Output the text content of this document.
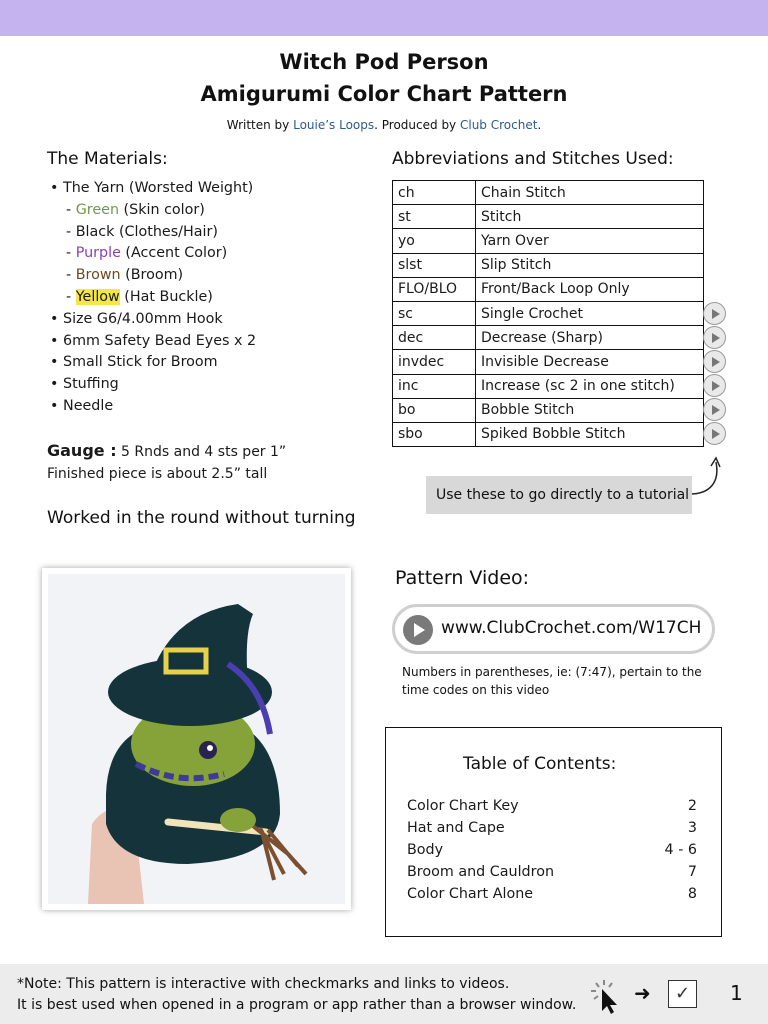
Witch Pod Person
Amigurumi Color Chart Pattern
Written by Louie’s Loops. Produced by Club Crochet.
The Materials:
• The Yarn (Worsted Weight)
- Green (Skin color)
- Black (Clothes/Hair)
- Purple (Accent Color)
- Brown (Broom)
- Yellow (Hat Buckle)
• Size G6/4.00mm Hook
• 6mm Safety Bead Eyes x 2
• Small Stick for Broom
• Stuffing
• Needle
Gauge : 5 Rnds and 4 sts per 1”
Finished piece is about 2.5” tall
Worked in the round without turning
Abbreviations and Stitches Used:
ch	Chain Stitch
st	Stitch
yo	Yarn Over
slst	Slip Stitch
FLO/BLO	Front/Back Loop Only
sc	Single Crochet
dec	Decrease (Sharp)
invdec	Invisible Decrease
inc	Increase (sc 2 in one stitch)
bo	Bobble Stitch
sbo	Spiked Bobble Stitch
Use these to go directly to a tutorial
Pattern Video:
www.ClubCrochet.com/W17CH
Numbers in parentheses, ie: (7:47), pertain to the time codes on this video
Table of Contents:
Color Chart Key	2
Hat and Cape	3
Body	4 - 6
Broom and Cauldron	7
Color Chart Alone	8
*Note: This pattern is interactive with checkmarks and links to videos.
It is best used when opened in a program or app rather than a browser window.	➜	✓	1
